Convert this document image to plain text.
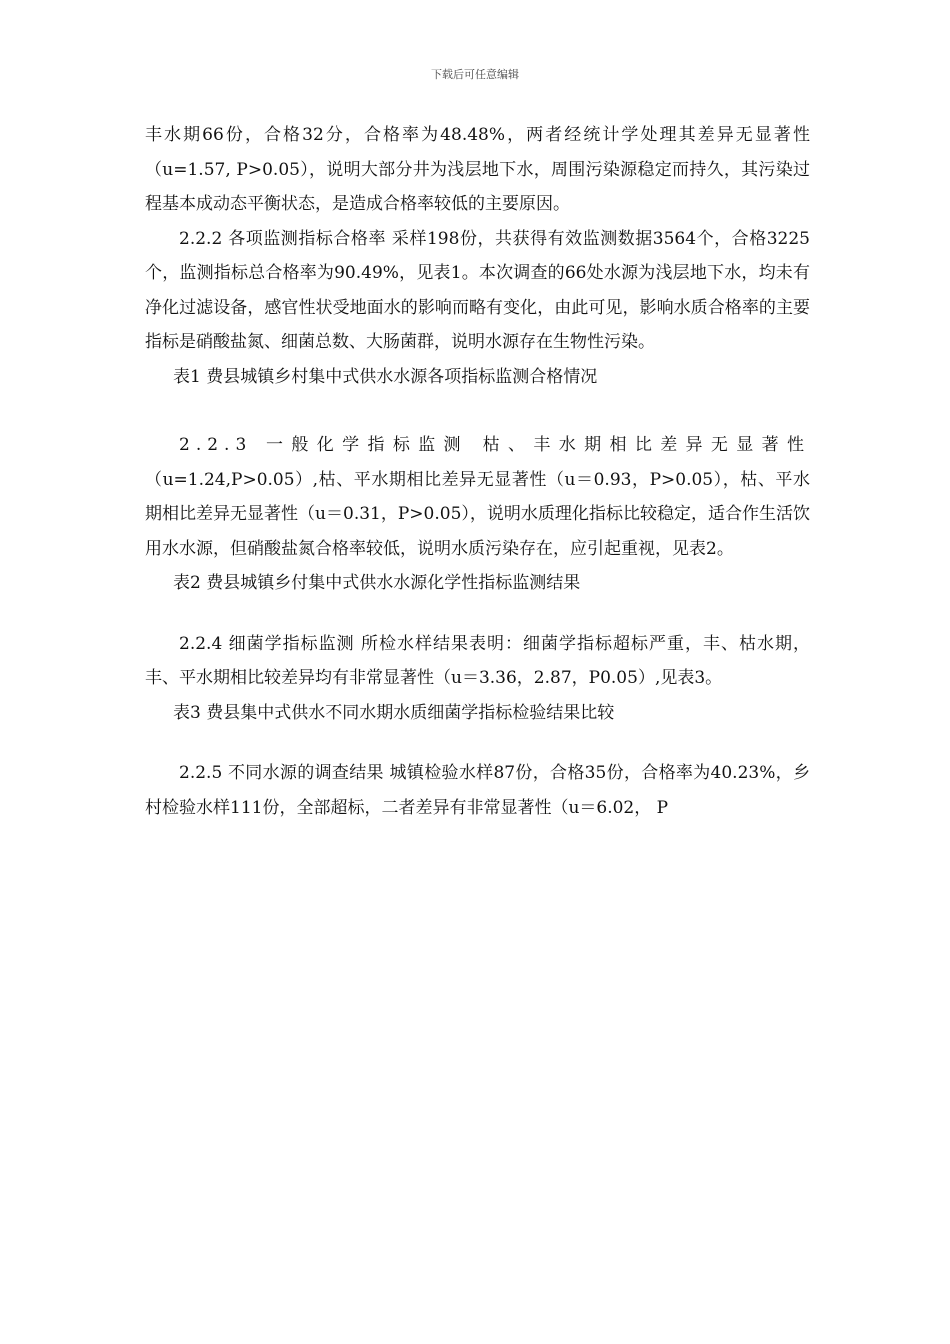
下载后可任意编辑

丰水期66份，合格32分，合格率为48.48%，两者经统计学处理其差异无显著性（u=1.57, P>0.05），说明大部分井为浅层地下水，周围污染源稳定而持久，其污染过程基本成动态平衡状态，是造成合格率较低的主要原因。

2.2.2 各项监测指标合格率 采样198份，共获得有效监测数据3564个，合格3225个，监测指标总合格率为90.49%，见表1。本次调查的66处水源为浅层地下水，均未有净化过滤设备，感官性状受地面水的影响而略有变化，由此可见，影响水质合格率的主要指标是硝酸盐氮、细菌总数、大肠菌群，说明水源存在生物性污染。

表1 费县城镇乡村集中式供水水源各项指标监测合格情况

2.2.3 一般化学指标监测 枯、丰水期相比差异无显著性（u=1.24,P>0.05）,枯、平水期相比差异无显著性（u＝0.93，P>0.05），枯、平水期相比差异无显著性（u＝0.31，P>0.05），说明水质理化指标比较稳定，适合作生活饮用水水源，但硝酸盐氮合格率较低，说明水质污染存在，应引起重视，见表2。

表2 费县城镇乡付集中式供水水源化学性指标监测结果

2.2.4 细菌学指标监测 所检水样结果表明：细菌学指标超标严重，丰、枯水期，丰、平水期相比较差异均有非常显著性（u＝3.36，2.87，P0.05）,见表3。

表3 费县集中式供水不同水期水质细菌学指标检验结果比较

2.2.5 不同水源的调查结果 城镇检验水样87份，合格35份，合格率为40.23%，乡村检验水样111份，全部超标，二者差异有非常显著性（u＝6.02， P
